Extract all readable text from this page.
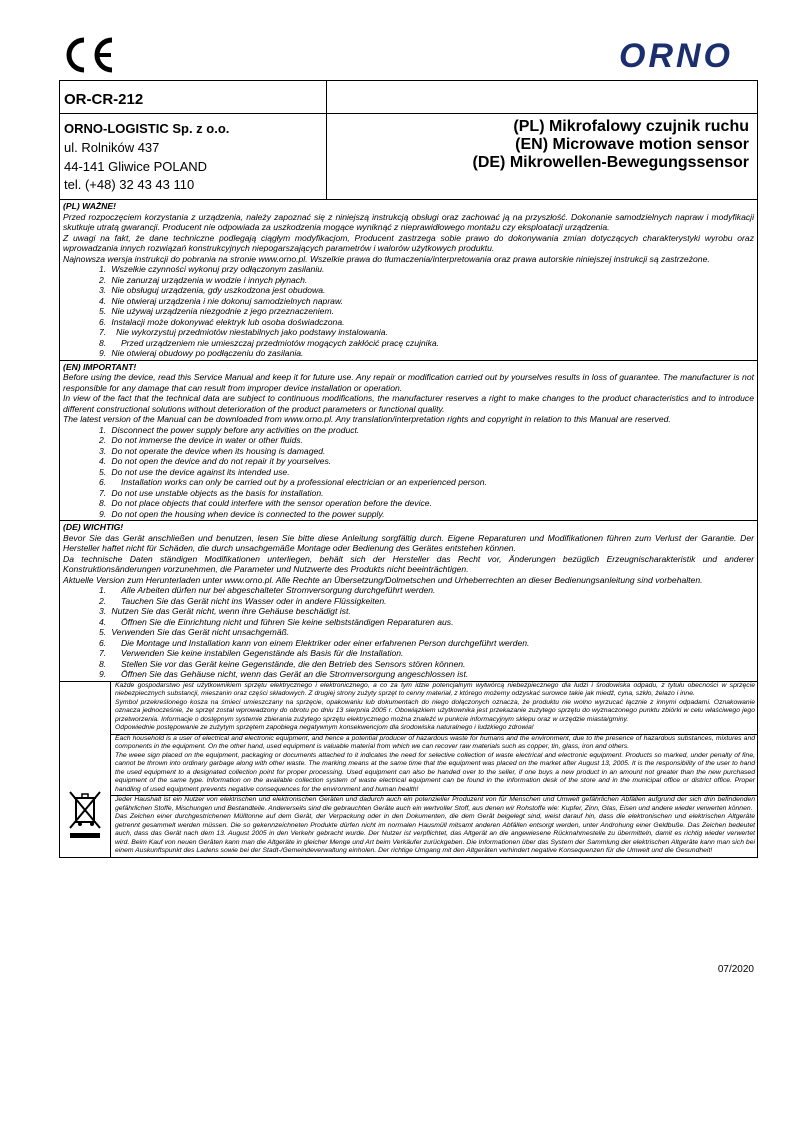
ORNO
OR-CR-212
ORNO-LOGISTIC Sp. z o.o.
ul. Rolników 437
44-141 Gliwice POLAND
tel. (+48) 32 43 43 110
(PL) Mikrofalowy czujnik ruchu
(EN) Microwave motion sensor
(DE) Mikrowellen-Bewegungssensor
(PL) WAŻNE!

Przed rozpoczęciem korzystania z urządzenia, należy zapoznać się z niniejszą instrukcją obsługi oraz zachować ją na przyszłość. Dokonanie samodzielnych napraw i modyfikacji skutkuje utratą gwarancji. Producent nie odpowiada za uszkodzenia mogące wyniknąć z nieprawidłowego montażu czy eksploatacji urządzenia.

Z uwagi na fakt, że dane techniczne podlegają ciągłym modyfikacjom, Producent zastrzega sobie prawo do dokonywania zmian dotyczących charakterystyki wyrobu oraz wprowadzania innych rozwiązań konstrukcyjnych niepogarszających parametrów i walorów użytkowych produktu.

Najnowsza wersja instrukcji do pobrania na stronie www.orno.pl. Wszelkie prawa do tłumaczenia/interpretowania oraz prawa autorskie niniejszej instrukcji są zastrzeżone.

1. Wszelkie czynności wykonuj przy odłączonym zasilaniu.
2. Nie zanurzaj urządzenia w wodzie i innych płynach.
3. Nie obsługuj urządzenia, gdy uszkodzona jest obudowa.
4. Nie otwieraj urządzenia i nie dokonuj samodzielnych napraw.
5. Nie używaj urządzenia niezgodnie z jego przeznaczeniem.
6. Instalacji może dokonywać elektryk lub osoba doświadczona.
7. Nie wykorzystuj przedmiotów niestabilnych jako podstawy instalowania.
8. Przed urządzeniem nie umieszczaj przedmiotów mogących zakłócić pracę czujnika.
9. Nie otwieraj obudowy po podłączeniu do zasilania.
(EN) IMPORTANT!

Before using the device, read this Service Manual and keep it for future use. Any repair or modification carried out by yourselves results in loss of guarantee. The manufacturer is not responsible for any damage that can result from improper device installation or operation.

In view of the fact that the technical data are subject to continuous modifications, the manufacturer reserves a right to make changes to the product characteristics and to introduce different constructional solutions without deterioration of the product parameters or functional quality.

The latest version of the Manual can be downloaded from www.orno.pl. Any translation/interpretation rights and copyright in relation to this Manual are reserved.

1. Disconnect the power supply before any activities on the product.
2. Do not immerse the device in water or other fluids.
3. Do not operate the device when its housing is damaged.
4. Do not open the device and do not repair it by yourselves.
5. Do not use the device against its intended use.
6. Installation works can only be carried out by a professional electrician or an experienced person.
7. Do not use unstable objects as the basis for installation.
8. Do not place objects that could interfere with the sensor operation before the device.
9. Do not open the housing when device is connected to the power supply.
(DE) WICHTIG!

Bevor Sie das Gerät anschließen und benutzen, lesen Sie bitte diese Anleitung sorgfältig durch. Eigene Reparaturen und Modifikationen führen zum Verlust der Garantie. Der Hersteller haftet nicht für Schäden, die durch unsachgemäße Montage oder Bedienung des Gerätes entstehen können.

Da technische Daten ständigen Modifikationen unterliegen, behält sich der Hersteller das Recht vor, Änderungen bezüglich Erzeugnischarakteristik und anderer Konstruktionsänderungen vorzunehmen, die Parameter und Nutzwerte des Produkts nicht beeinträchtigen.

Aktuelle Version zum Herunterladen unter www.orno.pl. Alle Rechte an Übersetzung/Dolmetschen und Urheberrechten an dieser Bedienungsanleitung sind vorbehalten.

1. Alle Arbeiten dürfen nur bei abgeschalteter Stromversorgung durchgeführt werden.
2. Tauchen Sie das Gerät nicht ins Wasser oder in andere Flüssigkeiten.
3. Nutzen Sie das Gerät nicht, wenn ihre Gehäuse beschädigt ist.
4. Öffnen Sie die Einrichtung nicht und führen Sie keine selbstständigen Reparaturen aus.
5. Verwenden Sie das Gerät nicht unsachgemäß.
6. Die Montage und Installation kann von einem Elektriker oder einer erfahrenen Person durchgeführt werden.
7. Verwenden Sie keine instabilen Gegenstände als Basis für die Installation.
8. Stellen Sie vor das Gerät keine Gegenstände, die den Betrieb des Sensors stören können.
9. Öffnen Sie das Gehäuse nicht, wenn das Gerät an die Stromversorgung angeschlossen ist.

Każde gospodarstwo jest użytkownikiem sprzętu elektrycznego i elektronicznego, a co za tym idzie potencjalnym wytwórcą niebezpiecznego dla ludzi i środowiska odpadu, z tytułu obecności w sprzęcie niebezpiecznych substancji, mieszanin oraz części składowych. Z drugiej strony zużyty sprzęt to cenny materiał, z którego możemy odzyskać surowce takie jak miedź, cyna, szkło, żelazo i inne.

Symbol przekreślonego kosza na śmieci umieszczany na sprzęcie, opakowaniu lub dokumentach do niego dołączonych oznacza, że produktu nie wolno wyrzucać łącznie z innymi odpadami. Oznakowanie oznacza jednocześnie, że sprzęt został wprowadzony do obrotu po dniu 13 sierpnia 2005 r. Obowiązkiem użytkownika jest przekazanie zużytego sprzętu do wyznaczonego punktu zbiórki w celu właściwego jego przetworzenia. Informacje o dostępnym systemie zbierania zużytego sprzętu elektrycznego można znaleźć w punkcie informacyjnym sklepu oraz w urzędzie miasta/gminy.

Odpowiednie postępowanie ze zużytym sprzętem zapobiega negatywnym konsekwencjom dla środowiska naturalnego i ludzkiego zdrowia!

Each household is a user of electrical and electronic equipment, and hence a potential producer of hazardous waste for humans and the environment, due to the presence of hazardous substances, mixtures and components in the equipment. On the other hand, used equipment is valuable material from which we can recover raw materials such as copper, tin, glass, iron and others.

The weee sign placed on the equipment, packaging or documents attached to it indicates the need for selective collection of waste electrical and electronic equipment. Products so marked, under penalty of fine, cannot be thrown into ordinary garbage along with other waste. The marking means at the same time that the equipment was placed on the market after August 13, 2005. It is the responsibility of the user to hand the used equipment to a designated collection point for proper processing. Used equipment can also be handed over to the seller, if one buys a new product in an amount not greater than the new purchased equipment of the same type. Information on the available collection system of waste electrical equipment can be found in the information desk of the store and in the municipal office or district office. Proper handling of used equipment prevents negative consequences for the environment and human health!

Jeder Haushalt ist ein Nutzer von elektrischen und elektronischen Geräten und dadurch auch ein potenzieller Produzent von für Menschen und Umwelt gefährlichen Abfällen aufgrund der sich drin befindenden gefährlichen Stoffe, Mischungen und Bestandteile. Andererseits sind die gebrauchten Geräte auch ein wertvoller Stoff, aus denen wir Rohstoffe wie: Kupfer, Zinn, Glas, Eisen und andere wieder verwerten können.

Das Zeichen einer durchgestrichenen Mülltonne auf dem Gerät, der Verpackung oder in den Dokumenten, die dem Gerät beigelegt sind, weist darauf hin, dass die elektronischen und elektrischen Altgeräte getrennt gesammelt werden müssen. Die so gekennzeichneten Produkte dürfen nicht im normalen Hausmüll mitsamt anderen Abfällen entsorgt werden, unter Androhung einer Geldbuße. Das Zeichen bedeutet auch, dass das Gerät nach dem 13. August 2005 in den Verkehr gebracht wurde. Der Nutzer ist verpflichtet, das Altgerät an die angewiesene Rücknahmestelle zu übermitteln, damit es richtig wieder verwertet wird. Beim Kauf von neuen Geräten kann man die Altgeräte in gleicher Menge und Art beim Verkäufer zurückgeben. Die Informationen über das System der Sammlung der elektrischen Altgeräte kann man sich bei einem Auskunftspunkt des Ladens sowie bei der Stadt-/Gemeindeverwaltung einholen. Der richtige Umgang mit den Altgeräten verhindert negative Konsequenzen für die Umwelt und die Gesundheit!

07/2020
